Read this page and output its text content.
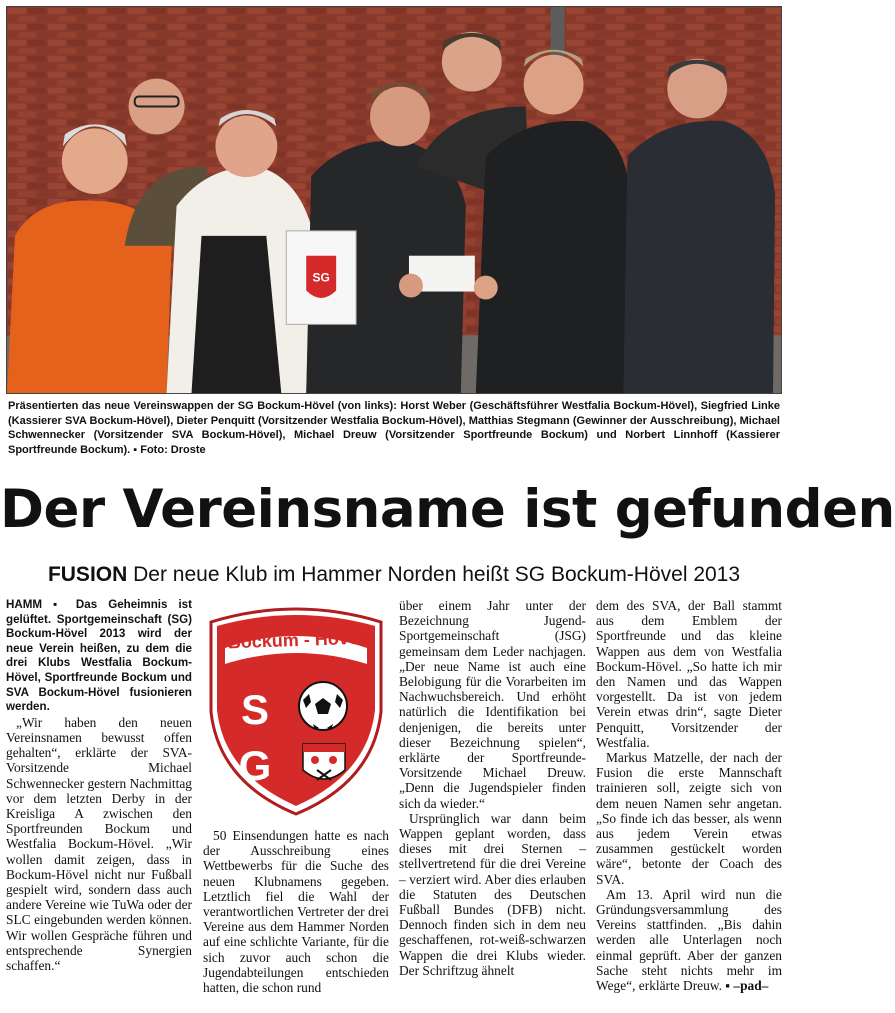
SG
Präsentierten das neue Vereinswappen der SG Bockum-Hövel (von links): Horst Weber (Geschäftsführer Westfalia Bockum-Hövel), Siegfried Linke (Kassierer SVA Bockum-Hövel), Dieter Penquitt (Vorsitzender Westfalia Bockum-Hövel), Matthias Stegmann (Gewinner der Ausschreibung), Michael Schwennecker (Vorsitzender SVA Bockum-Hövel), Michael Dreuw (Vorsitzender Sportfreunde Bockum) und Norbert Linnhoff (Kassierer Sportfreunde Bockum). ▪ Foto: Droste
Der Vereinsname ist gefunden
FUSION Der neue Klub im Hammer Norden heißt SG Bockum-Hövel 2013

HAMM ▪ Das Geheimnis ist gelüftet. Sportgemeinschaft (SG) Bockum-Hövel 2013 wird der neue Verein heißen, zu dem die drei Klubs Westfalia Bockum-Hövel, Sportfreunde Bockum und SVA Bockum-Hövel fusionieren werden.

„Wir haben den neuen Vereinsnamen bewusst offen gehalten“, erklärte der SVA-Vorsitzende Michael Schwennecker gestern Nachmittag vor dem letzten Derby in der Kreisliga A zwischen den Sportfreunden Bockum und Westfalia Bockum-Hövel. „Wir wollen damit zeigen, dass in Bockum-Hövel nicht nur Fußball gespielt wird, sondern dass auch andere Vereine wie TuWa oder der SLC eingebunden werden können. Wir wollen Gespräche führen und entsprechende Synergien schaffen.“

Bockum - Hövel
S
G

50 Einsendungen hatte es nach der Ausschreibung eines Wettbewerbs für die Suche des neuen Klubnamens gegeben. Letztlich fiel die Wahl der verantwortlichen Vertreter der drei Vereine aus dem Hammer Norden auf eine schlichte Variante, für die sich zuvor auch schon die Jugendabteilungen entschieden hatten, die schon rund

über einem Jahr unter der Bezeichnung Jugend-Sportgemeinschaft (JSG) gemeinsam dem Leder nachjagen. „Der neue Name ist auch eine Belobigung für die Vorarbeiten im Nachwuchsbereich. Und erhöht natürlich die Identifikation bei denjenigen, die bereits unter dieser Bezeichnung spielen“, erklärte der Sportfreunde-Vorsitzende Michael Dreuw. „Denn die Jugendspieler finden sich da wieder.“

Ursprünglich war dann beim Wappen geplant worden, dass dieses mit drei Sternen – stellvertretend für die drei Vereine – verziert wird. Aber dies erlauben die Statuten des Deutschen Fußball Bundes (DFB) nicht. Dennoch finden sich in dem neu geschaffenen, rot-weiß-schwarzen Wappen die drei Klubs wieder. Der Schriftzug ähnelt

dem des SVA, der Ball stammt aus dem Emblem der Sportfreunde und das kleine Wappen aus dem von Westfalia Bockum-Hövel. „So hatte ich mir den Namen und das Wappen vorgestellt. Da ist von jedem Verein etwas drin“, sagte Dieter Penquitt, Vorsitzender der Westfalia.

Markus Matzelle, der nach der Fusion die erste Mannschaft trainieren soll, zeigte sich von dem neuen Namen sehr angetan. „So finde ich das besser, als wenn aus jedem Verein etwas zusammen gestückelt worden wäre“, betonte der Coach des SVA.

Am 13. April wird nun die Gründungsversammlung des Vereins stattfinden. „Bis dahin werden alle Unterlagen noch einmal geprüft. Aber der ganzen Sache steht nichts mehr im Wege“, erklärte Dreuw. ▪ –pad–
